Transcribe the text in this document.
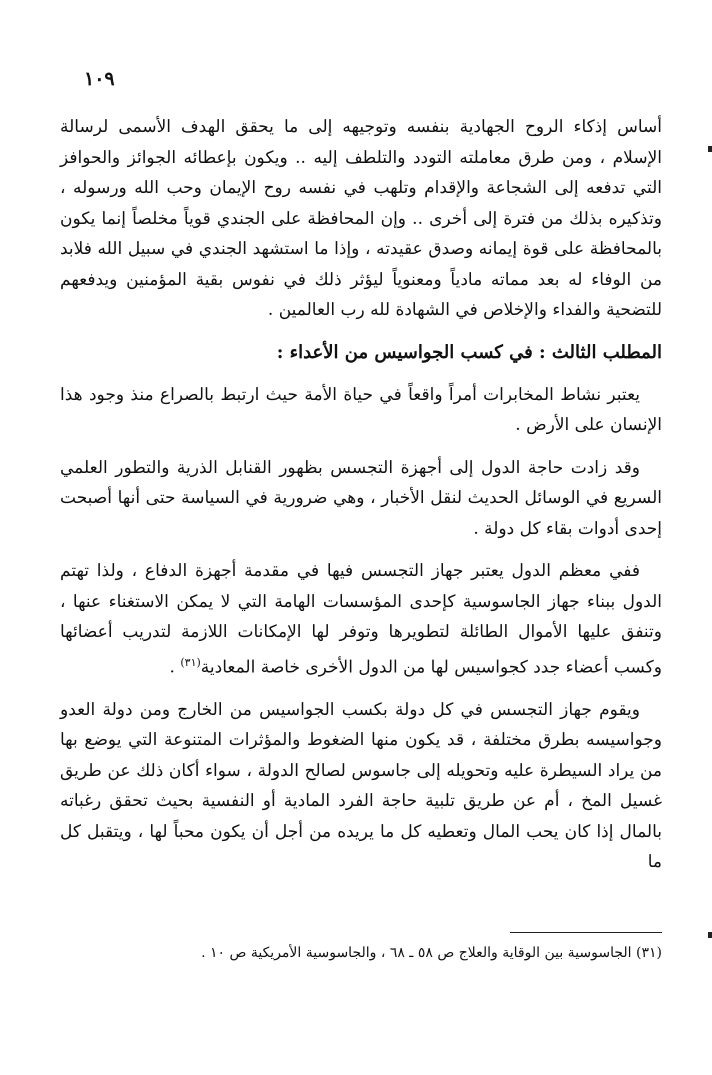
١٠٩

أساس إذكاء الروح الجهادية بنفسه وتوجيهه إلى ما يحقق الهدف الأسمى لرسالة الإسلام ، ومن طرق معاملته التودد والتلطف إليه .. ويكون بإعطائه الجوائز والحوافز التي تدفعه إلى الشجاعة والإقدام وتلهب في نفسه روح الإيمان وحب الله ورسوله ، وتذكيره بذلك من فترة إلى أخرى .. وإن المحافظة على الجندي قوياً مخلصاً إنما يكون بالمحافظة على قوة إيمانه وصدق عقيدته ، وإذا ما استشهد الجندي في سبيل الله فلابد من الوفاء له بعد مماته مادياً ومعنوياً ليؤثر ذلك في نفوس بقية المؤمنين ويدفعهم للتضحية والفداء والإخلاص في الشهادة لله رب العالمين .

المطلب الثالث : في كسب الجواسيس من الأعداء :

يعتبر نشاط المخابرات أمراً واقعاً في حياة الأمة حيث ارتبط بالصراع منذ وجود هذا الإنسان على الأرض .

وقد زادت حاجة الدول إلى أجهزة التجسس بظهور القنابل الذرية والتطور العلمي السريع في الوسائل الحديث لنقل الأخبار ، وهي ضرورية في السياسة حتى أنها أصبحت إحدى أدوات بقاء كل دولة .

ففي معظم الدول يعتبر جهاز التجسس فيها في مقدمة أجهزة الدفاع ، ولذا تهتم الدول ببناء جهاز الجاسوسية كإحدى المؤسسات الهامة التي لا يمكن الاستغناء عنها ، وتنفق عليها الأموال الطائلة لتطويرها وتوفر لها الإمكانات اللازمة لتدريب أعضائها وكسب أعضاء جدد كجواسيس لها من الدول الأخرى خاصة المعادية$^{(٣١)}$ .

ويقوم جهاز التجسس في كل دولة بكسب الجواسيس من الخارج ومن دولة العدو وجواسيسه بطرق مختلفة ، قد يكون منها الضغوط والمؤثرات المتنوعة التي يوضع بها من يراد السيطرة عليه وتحويله إلى جاسوس لصالح الدولة ، سواء أكان ذلك عن طريق غسيل المخ ، أم عن طريق تلبية حاجة الفرد المادية أو النفسية بحيث تحقق رغباته بالمال إذا كان يحب المال وتعطيه كل ما يريده من أجل أن يكون محباً لها ، ويتقبل كل ما

(٣١) الجاسوسية بين الوقاية والعلاج ص ٥٨ ـ ٦٨ ، والجاسوسية الأمريكية ص ١٠ .
